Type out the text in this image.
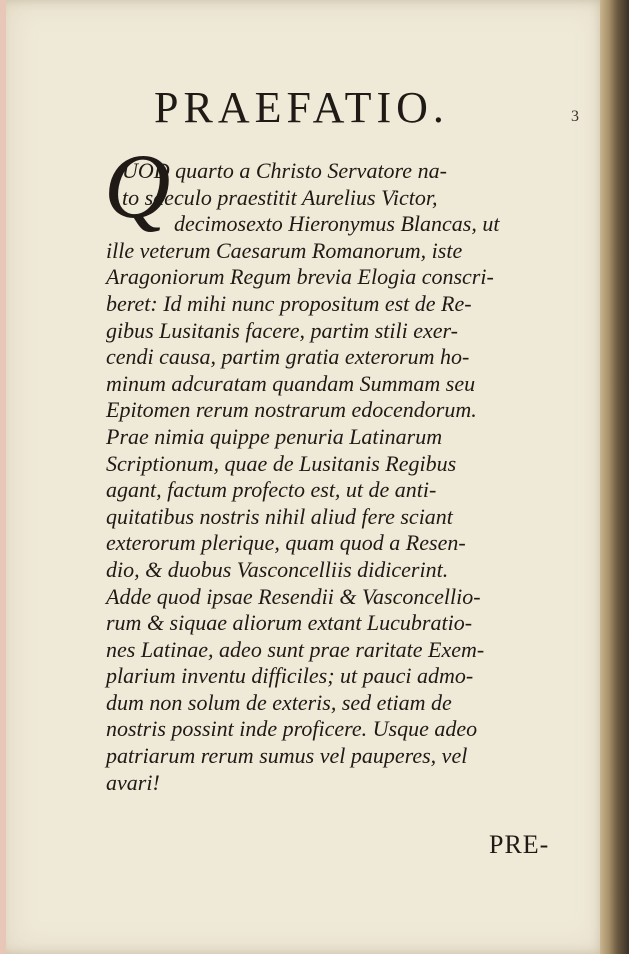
PRAEFATIO.	3
Q
UOD quarto a Christo Servatore na-
to saeculo praestitit Aurelius Victor,
decimosexto Hieronymus Blancas, ut
ille veterum Caesarum Romanorum, iste
Aragoniorum Regum brevia Elogia conscri-
beret: Id mihi nunc propositum est de Re-
gibus Lusitanis facere, partim stili exer-
cendi causa, partim gratia exterorum ho-
minum adcuratam quandam Summam seu
Epitomen rerum nostrarum edocendorum.
Prae nimia quippe penuria Latinarum
Scriptionum, quae de Lusitanis Regibus
agant, factum profecto est, ut de anti-
quitatibus nostris nihil aliud fere sciant
exterorum plerique, quam quod a Resen-
dio, & duobus Vasconcelliis didicerint.
Adde quod ipsae Resendii & Vasconcellio-
rum & siquae aliorum extant Lucubratio-
nes Latinae, adeo sunt prae raritate Exem-
plarium inventu difficiles; ut pauci admo-
dum non solum de exteris, sed etiam de
nostris possint inde proficere. Usque adeo
patriarum rerum sumus vel pauperes, vel
avari!
PRE-
